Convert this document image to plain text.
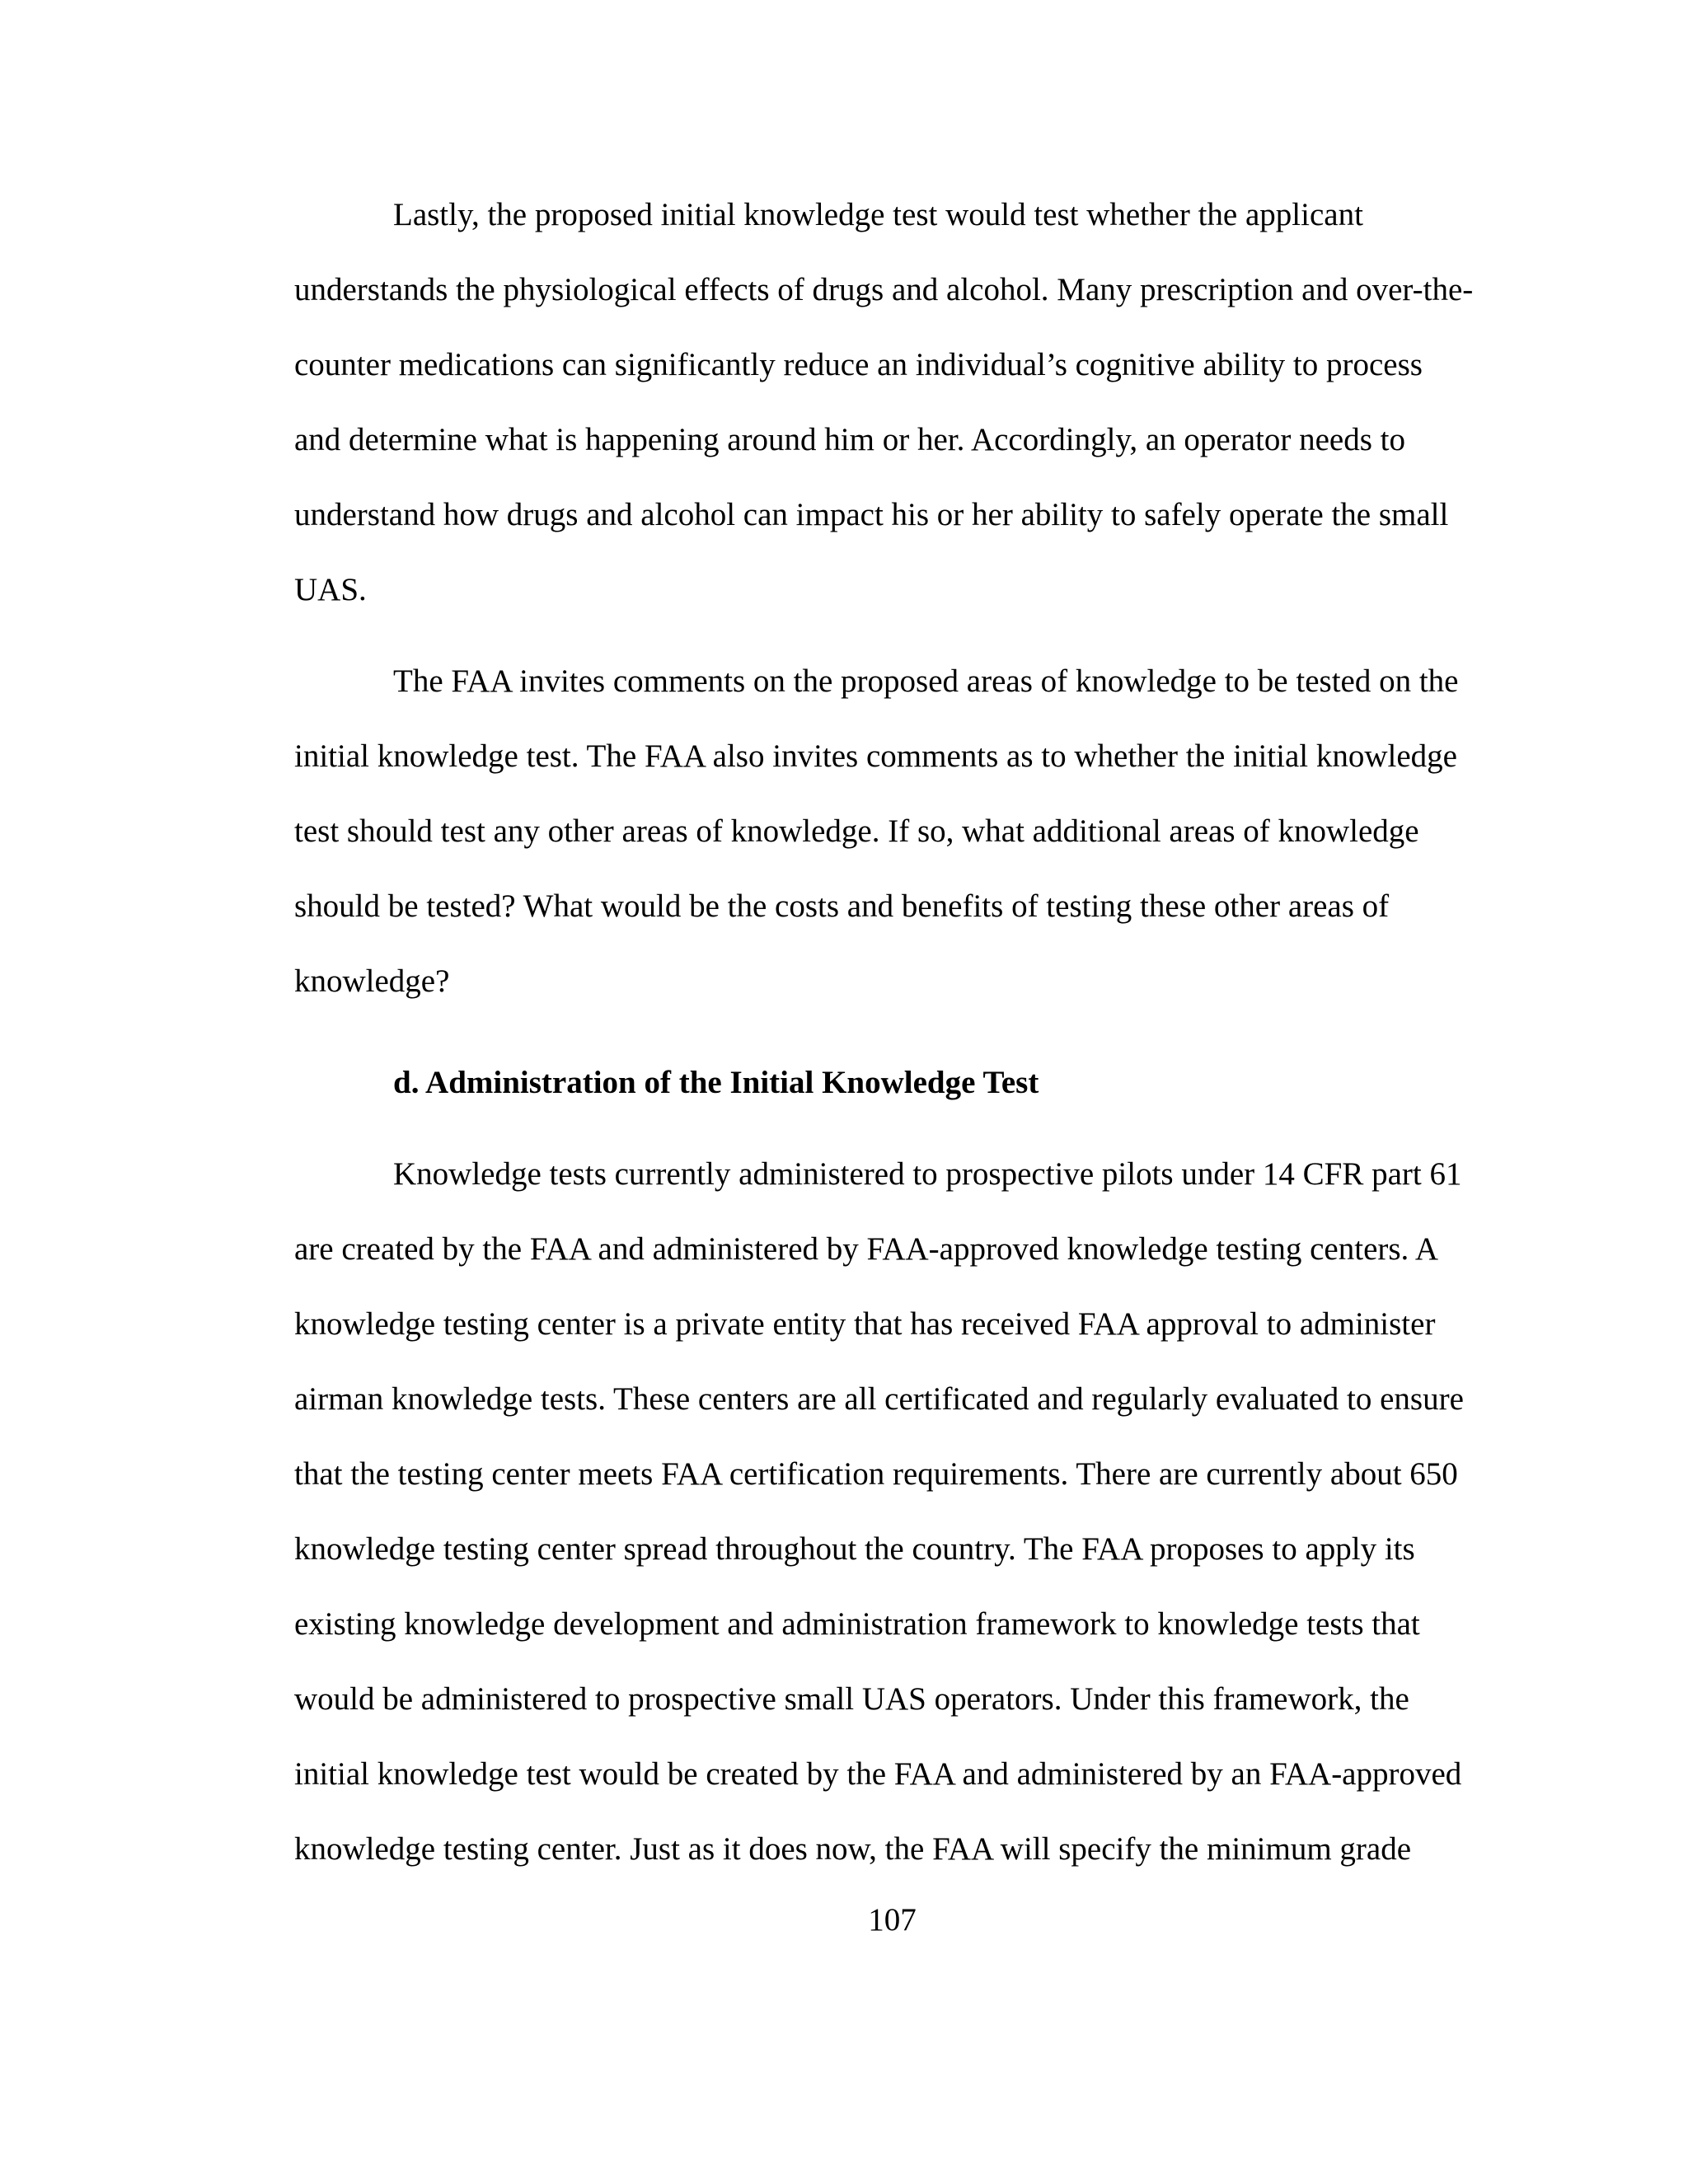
Lastly, the proposed initial knowledge test would test whether the applicant

understands the physiological effects of drugs and alcohol. Many prescription and over-the-

counter medications can significantly reduce an individual’s cognitive ability to process

and determine what is happening around him or her. Accordingly, an operator needs to

understand how drugs and alcohol can impact his or her ability to safely operate the small

UAS.

The FAA invites comments on the proposed areas of knowledge to be tested on the

initial knowledge test. The FAA also invites comments as to whether the initial knowledge

test should test any other areas of knowledge. If so, what additional areas of knowledge

should be tested? What would be the costs and benefits of testing these other areas of

knowledge?

d. Administration of the Initial Knowledge Test

Knowledge tests currently administered to prospective pilots under 14 CFR part 61

are created by the FAA and administered by FAA-approved knowledge testing centers. A

knowledge testing center is a private entity that has received FAA approval to administer

airman knowledge tests. These centers are all certificated and regularly evaluated to ensure

that the testing center meets FAA certification requirements. There are currently about 650

knowledge testing center spread throughout the country. The FAA proposes to apply its

existing knowledge development and administration framework to knowledge tests that

would be administered to prospective small UAS operators. Under this framework, the

initial knowledge test would be created by the FAA and administered by an FAA-approved

knowledge testing center. Just as it does now, the FAA will specify the minimum grade

107
